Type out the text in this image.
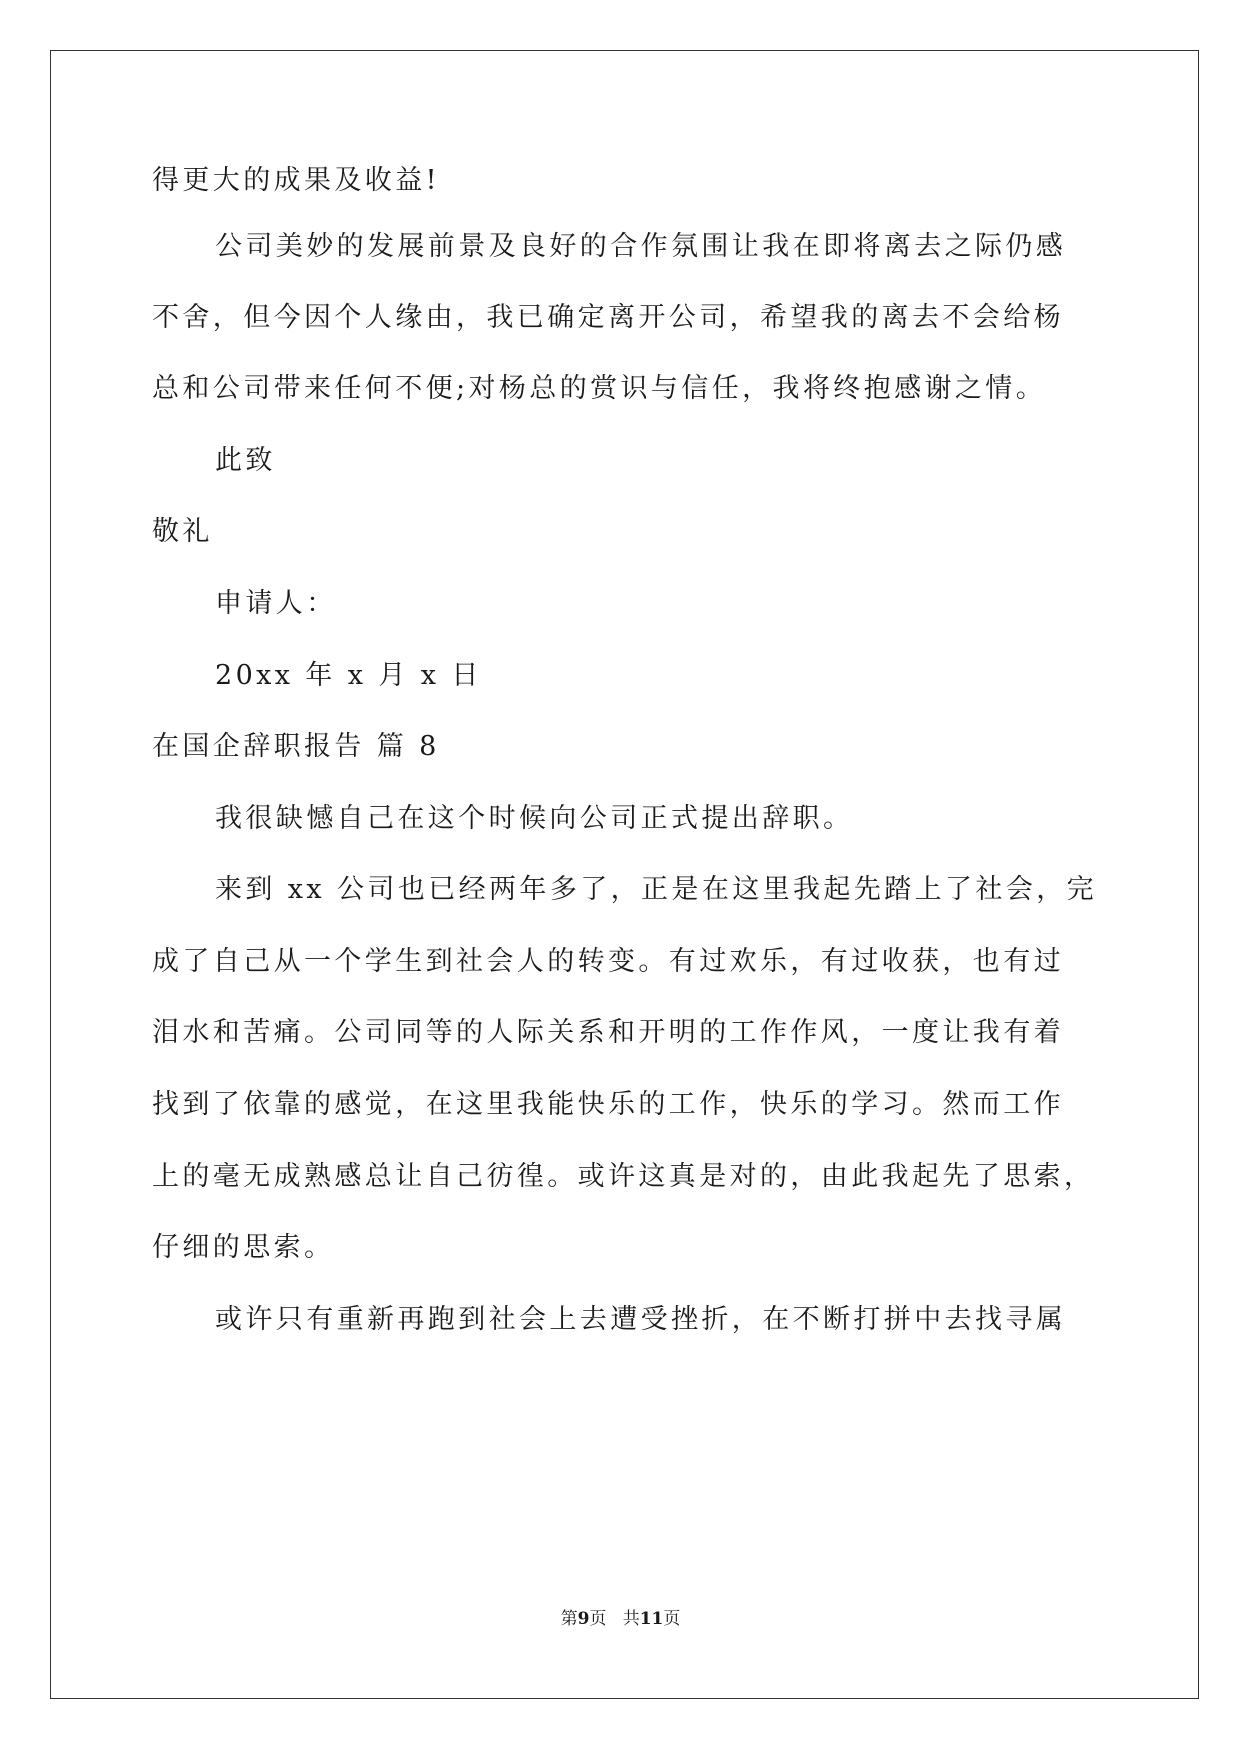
得更大的成果及收益!
公司美妙的发展前景及良好的合作氛围让我在即将离去之际仍感
不舍，但今因个人缘由，我已确定离开公司，希望我的离去不会给杨
总和公司带来任何不便;对杨总的赏识与信任，我将终抱感谢之情。
此致
敬礼
申请人：
20xx 年 x 月 x 日
在国企辞职报告 篇 8
我很缺憾自己在这个时候向公司正式提出辞职。
来到 xx 公司也已经两年多了，正是在这里我起先踏上了社会，完
成了自己从一个学生到社会人的转变。有过欢乐，有过收获，也有过
泪水和苦痛。公司同等的人际关系和开明的工作作风，一度让我有着
找到了依靠的感觉，在这里我能快乐的工作，快乐的学习。然而工作
上的毫无成熟感总让自己彷徨。或许这真是对的，由此我起先了思索，
仔细的思索。
或许只有重新再跑到社会上去遭受挫折，在不断打拼中去找寻属
第9页 共11页
